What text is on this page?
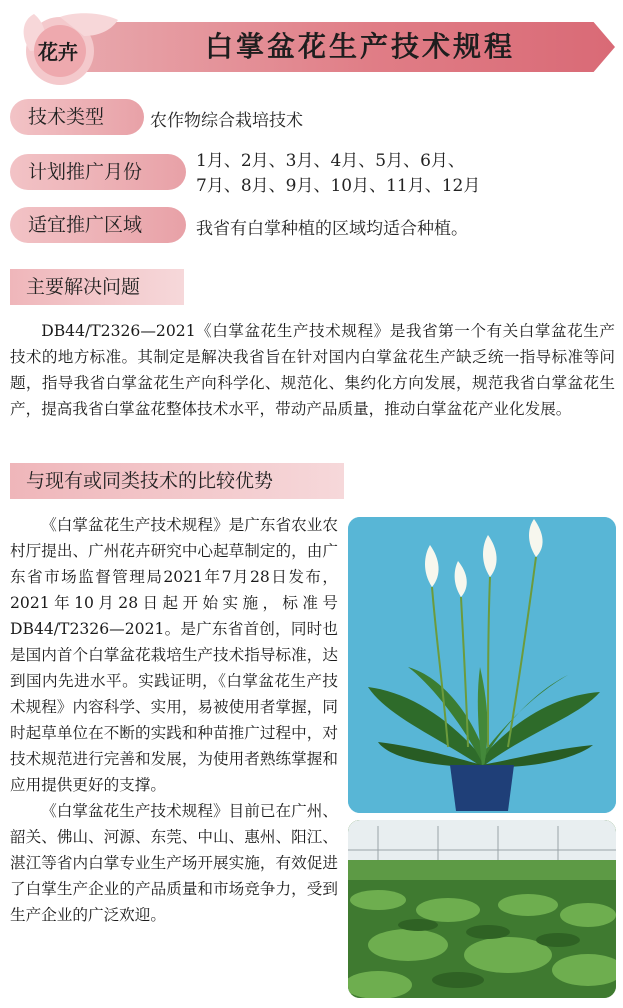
花卉	白掌盆花生产技术规程
技术类型	农作物综合栽培技术
计划推广月份	1月、2月、3月、4月、5月、6月、
7月、8月、9月、10月、11月、12月
适宜推广区域	我省有白掌种植的区域均适合种植。
主要解决问题

DB44/T2326—2021《白掌盆花生产技术规程》是我省第一个有关白掌盆花生产技术的地方标准。其制定是解决我省旨在针对国内白掌盆花生产缺乏统一指导标准等问题，指导我省白掌盆花生产向科学化、规范化、集约化方向发展，规范我省白掌盆花生产，提高我省白掌盆花整体技术水平，带动产品质量，推动白掌盆花产业化发展。

与现有或同类技术的比较优势

《白掌盆花生产技术规程》是广东省农业农村厅提出、广州花卉研究中心起草制定的，由广东省市场监督管理局2021年7月28日发布，2021年10月28日起开始实施，标准号DB44/T2326—2021。是广东省首创，同时也是国内首个白掌盆花栽培生产技术指导标准，达到国内先进水平。实践证明，《白掌盆花生产技术规程》内容科学、实用，易被使用者掌握，同时起草单位在不断的实践和种苗推广过程中，对技术规范进行完善和发展，为使用者熟练掌握和应用提供更好的支撑。

《白掌盆花生产技术规程》目前已在广州、韶关、佛山、河源、东莞、中山、惠州、阳江、湛江等省内白掌专业生产场开展实施，有效促进了白掌生产企业的产品质量和市场竞争力，受到生产企业的广泛欢迎。
